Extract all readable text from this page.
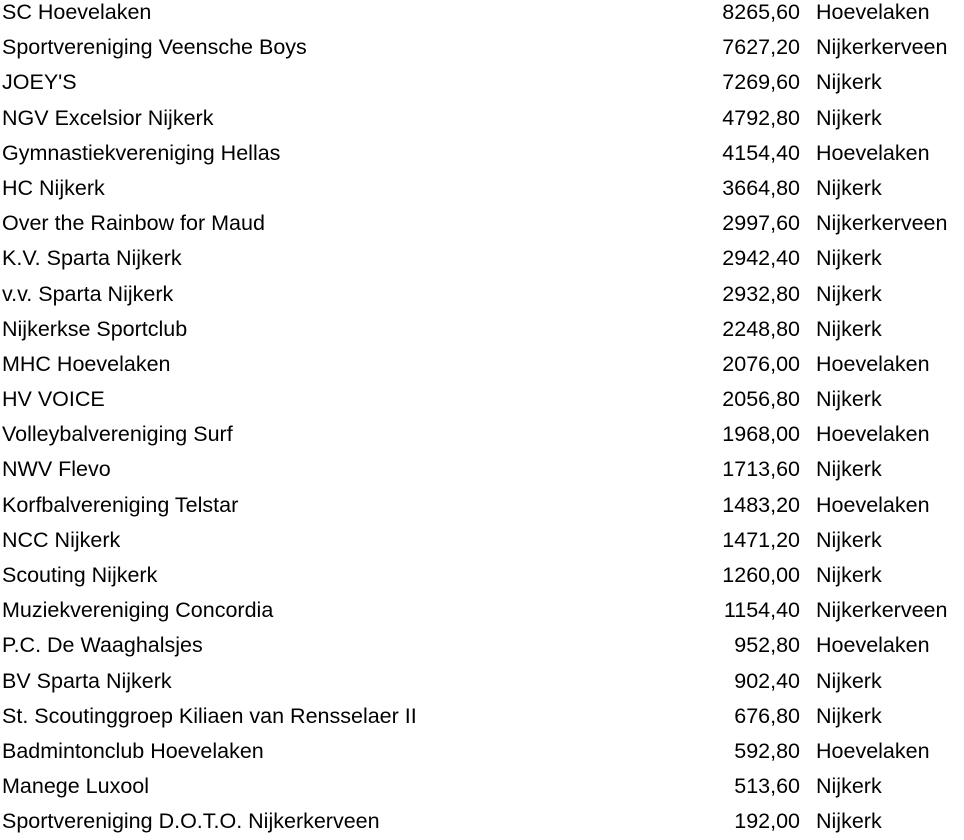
SC Hoevelaken	8265,60 Hoevelaken
Sportvereniging Veensche Boys	7627,20 Nijkerkerveen
JOEY'S	7269,60 Nijkerk
NGV Excelsior Nijkerk	4792,80 Nijkerk
Gymnastiekvereniging Hellas	4154,40 Hoevelaken
HC Nijkerk	3664,80 Nijkerk
Over the Rainbow for Maud	2997,60 Nijkerkerveen
K.V. Sparta Nijkerk	2942,40 Nijkerk
v.v. Sparta Nijkerk	2932,80 Nijkerk
Nijkerkse Sportclub	2248,80 Nijkerk
MHC Hoevelaken	2076,00 Hoevelaken
HV VOICE	2056,80 Nijkerk
Volleybalvereniging Surf	1968,00 Hoevelaken
NWV Flevo	1713,60 Nijkerk
Korfbalvereniging Telstar	1483,20 Hoevelaken
NCC Nijkerk	1471,20 Nijkerk
Scouting Nijkerk	1260,00 Nijkerk
Muziekvereniging Concordia	1154,40 Nijkerkerveen
P.C. De Waaghalsjes	952,80 Hoevelaken
BV Sparta Nijkerk	902,40 Nijkerk
St. Scoutinggroep Kiliaen van Rensselaer II	676,80 Nijkerk
Badmintonclub Hoevelaken	592,80 Hoevelaken
Manege Luxool	513,60 Nijkerk
Sportvereniging D.O.T.O. Nijkerkerveen	192,00 Nijkerk
